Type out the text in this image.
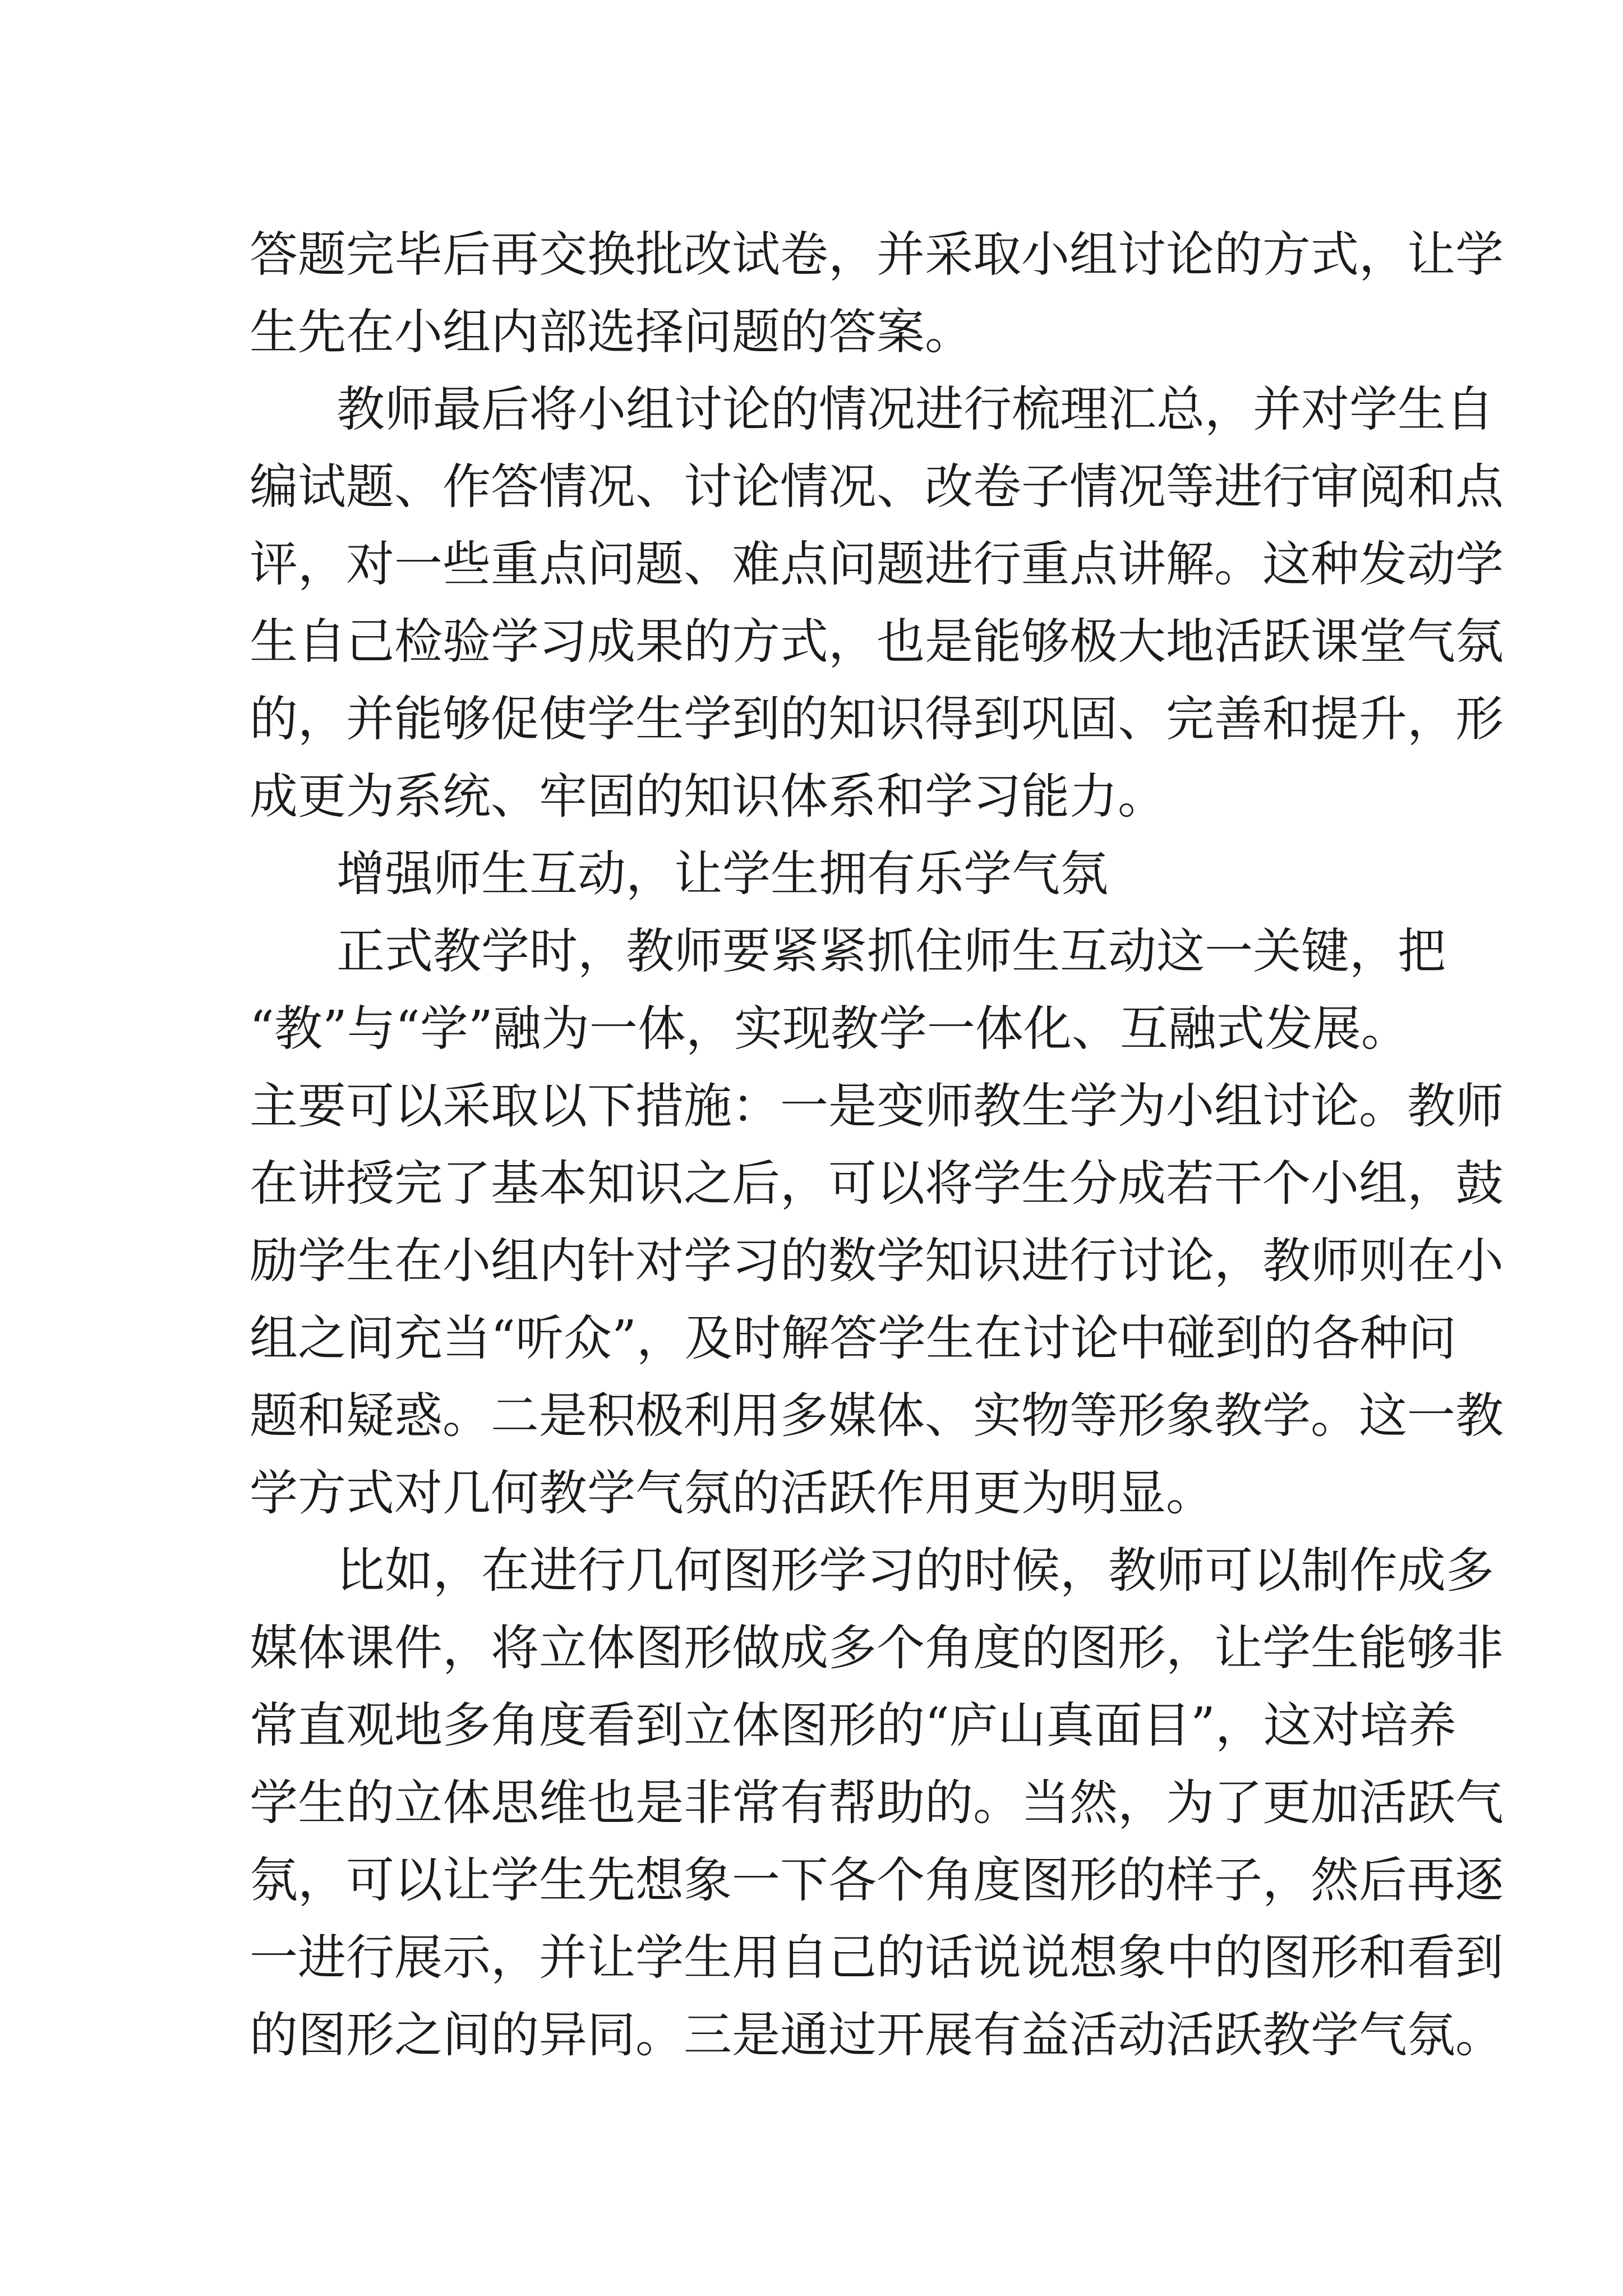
答题完毕后再交换批改试卷，并采取小组讨论的方式，让学
生先在小组内部选择问题的答案。
教师最后将小组讨论的情况进行梳理汇总，并对学生自
编试题、作答情况、讨论情况、改卷子情况等进行审阅和点
评，对一些重点问题、难点问题进行重点讲解。这种发动学
生自己检验学习成果的方式，也是能够极大地活跃课堂气氛
的，并能够促使学生学到的知识得到巩固、完善和提升，形
成更为系统、牢固的知识体系和学习能力。
增强师生互动，让学生拥有乐学气氛
正式教学时，教师要紧紧抓住师生互动这一关键，把
“教”与“学”融为一体，实现教学一体化、互融式发展。
主要可以采取以下措施：一是变师教生学为小组讨论。教师
在讲授完了基本知识之后，可以将学生分成若干个小组，鼓
励学生在小组内针对学习的数学知识进行讨论，教师则在小
组之间充当“听众”，及时解答学生在讨论中碰到的各种问
题和疑惑。二是积极利用多媒体、实物等形象教学。这一教
学方式对几何教学气氛的活跃作用更为明显。
比如，在进行几何图形学习的时候，教师可以制作成多
媒体课件，将立体图形做成多个角度的图形，让学生能够非
常直观地多角度看到立体图形的“庐山真面目”，这对培养
学生的立体思维也是非常有帮助的。当然，为了更加活跃气
氛，可以让学生先想象一下各个角度图形的样子，然后再逐
一进行展示，并让学生用自己的话说说想象中的图形和看到
的图形之间的异同。三是通过开展有益活动活跃教学气氛。
